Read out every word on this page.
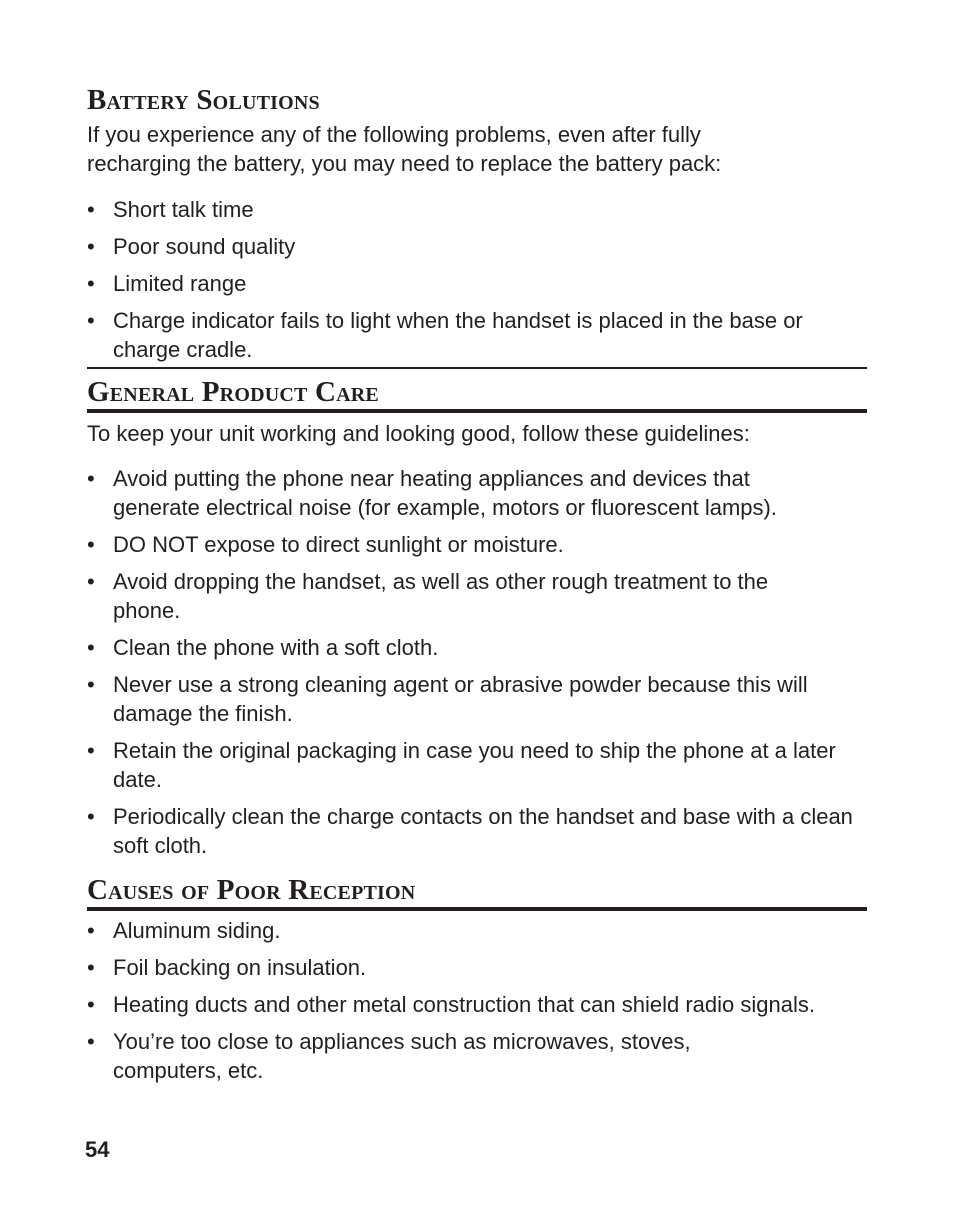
Battery Solutions

If you experience any of the following problems, even after fully recharging the battery, you may need to replace the battery pack:

• Short talk time
• Poor sound quality
• Limited range
• Charge indicator fails to light when the handset is placed in the base or charge cradle.
General Product Care

To keep your unit working and looking good, follow these guidelines:

• Avoid putting the phone near heating appliances and devices that generate electrical noise (for example, motors or fluorescent lamps).
• DO NOT expose to direct sunlight or moisture.
• Avoid dropping the handset, as well as other rough treatment to the phone.
• Clean the phone with a soft cloth.
• Never use a strong cleaning agent or abrasive powder because this will damage the finish.
• Retain the original packaging in case you need to ship the phone at a later date.
• Periodically clean the charge contacts on the handset and base with a clean soft cloth.
Causes of Poor Reception
• Aluminum siding.
• Foil backing on insulation.
• Heating ducts and other metal construction that can shield radio signals.
• You’re too close to appliances such as microwaves, stoves, computers, etc.
54
